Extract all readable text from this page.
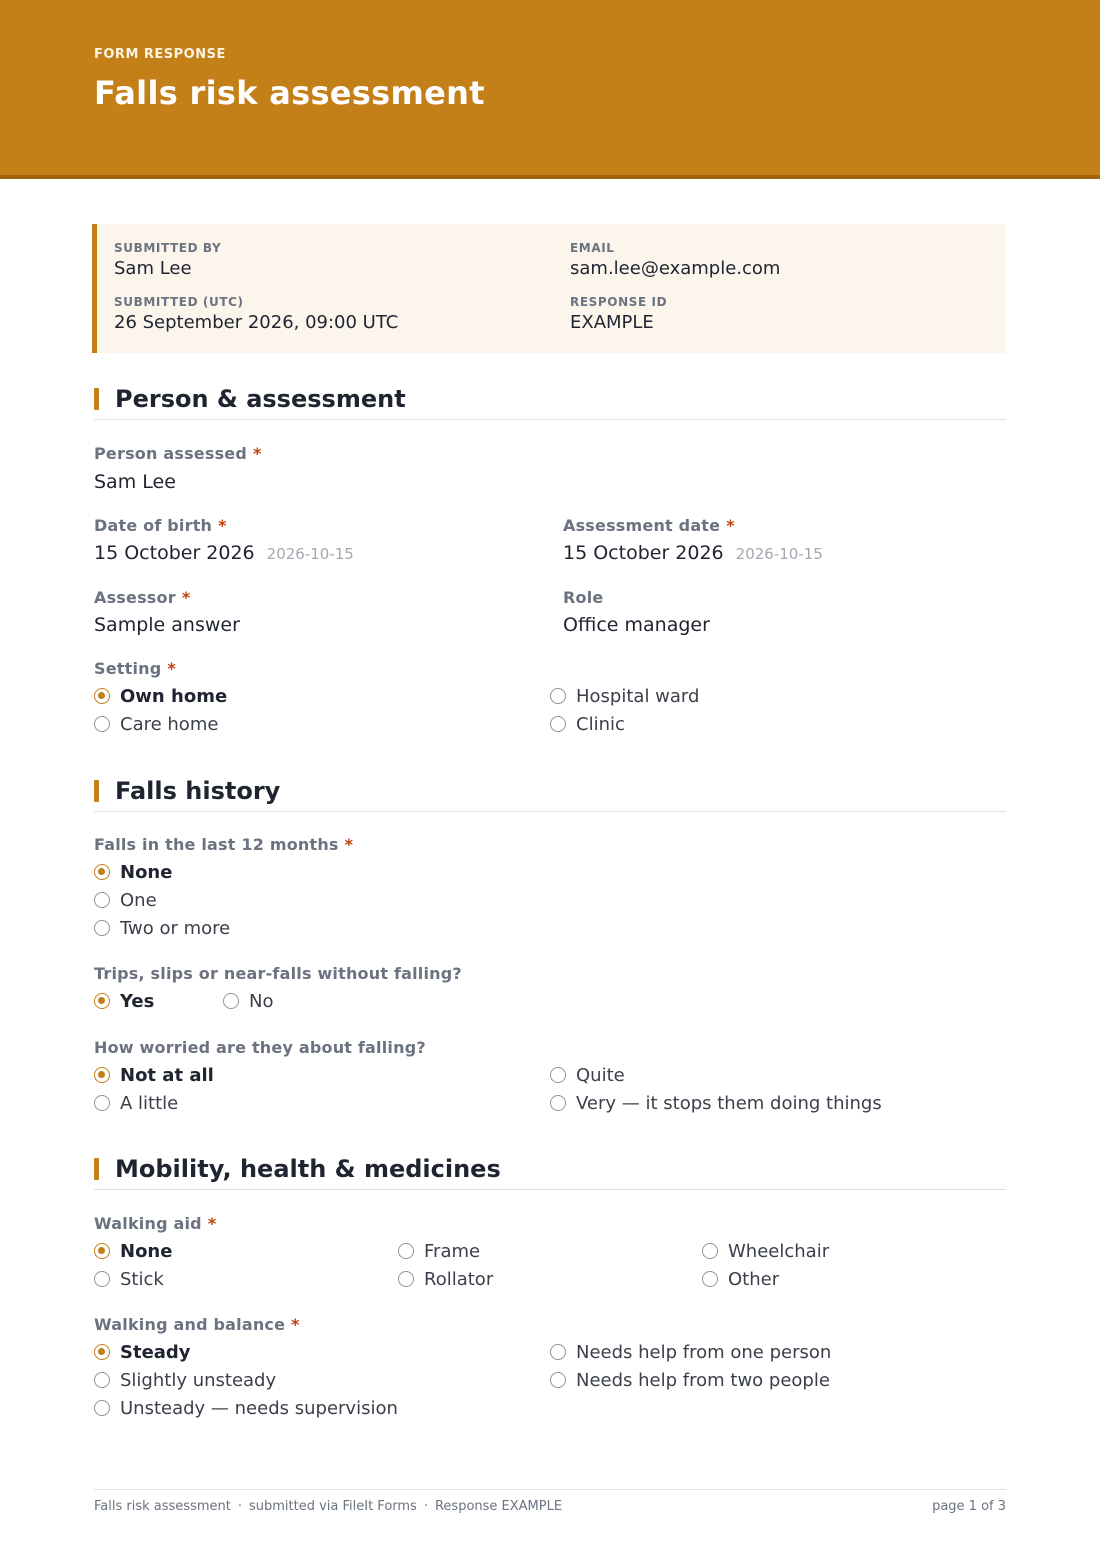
FORM RESPONSE
Falls risk assessment
SUBMITTED BY
Sam Lee
EMAIL
sam.lee@example.com
SUBMITTED (UTC)
26 September 2026, 09:00 UTC
RESPONSE ID
EXAMPLE
Person & assessment
Person assessed *
Sam Lee
Date of birth *
15 October 2026 2026-10-15
Assessment date *
15 October 2026 2026-10-15
Assessor *
Sample answer
Role
Office manager
Setting *
Own home
Care home
Hospital ward
Clinic
Falls history
Falls in the last 12 months *
None
One
Two or more
Trips, slips or near-falls without falling?
Yes	No
How worried are they about falling?
Not at all
A little
Quite
Very — it stops them doing things
Mobility, health & medicines
Walking aid *
None
Stick
Frame
Rollator
Wheelchair
Other
Walking and balance *
Steady
Slightly unsteady
Unsteady — needs supervision
Needs help from one person
Needs help from two people
Falls risk assessment · submitted via FileIt Forms · Response EXAMPLE	page 1 of 3
